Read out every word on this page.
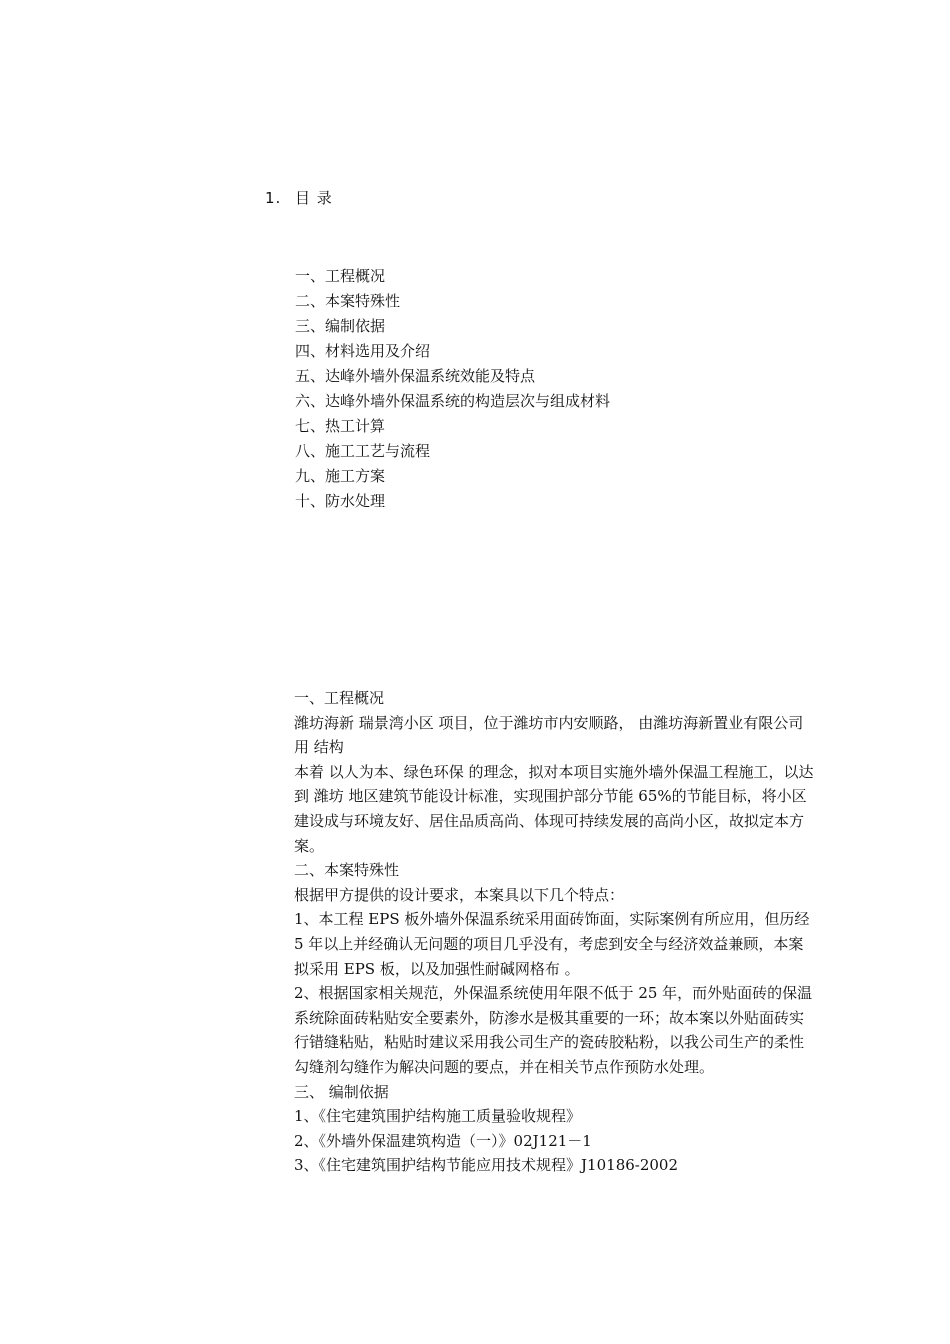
1. 目 录
一、工程概况
二、本案特殊性
三、编制依据
四、材料选用及介绍
五、达峰外墙外保温系统效能及特点
六、达峰外墙外保温系统的构造层次与组成材料
七、热工计算
八、施工工艺与流程
九、施工方案
十、防水处理

一、工程概况

潍坊海新 瑞景湾小区 项目，位于潍坊市内安顺路， 由潍坊海新置业有限公司用 结构

本着 以人为本、绿色环保 的理念，拟对本项目实施外墙外保温工程施工，以达到 潍坊 地区建筑节能设计标准，实现围护部分节能 65%的节能目标，将小区建设成与环境友好、居住品质高尚、体现可持续发展的高尚小区，故拟定本方案。

二、本案特殊性

根据甲方提供的设计要求，本案具以下几个特点：

1、本工程 EPS 板外墙外保温系统采用面砖饰面，实际案例有所应用，但历经 5 年以上并经确认无问题的项目几乎没有，考虑到安全与经济效益兼顾，本案拟采用 EPS 板，以及加强性耐碱网格布 。

2、根据国家相关规范，外保温系统使用年限不低于 25 年，而外贴面砖的保温系统除面砖粘贴安全要素外，防渗水是极其重要的一环；故本案以外贴面砖实行错缝粘贴，粘贴时建议采用我公司生产的瓷砖胶粘粉，以我公司生产的柔性勾缝剂勾缝作为解决问题的要点，并在相关节点作预防水处理。

三、 编制依据

1、《住宅建筑围护结构施工质量验收规程》

2、《外墙外保温建筑构造（一）》02J121－1

3、《住宅建筑围护结构节能应用技术规程》J10186-2002
